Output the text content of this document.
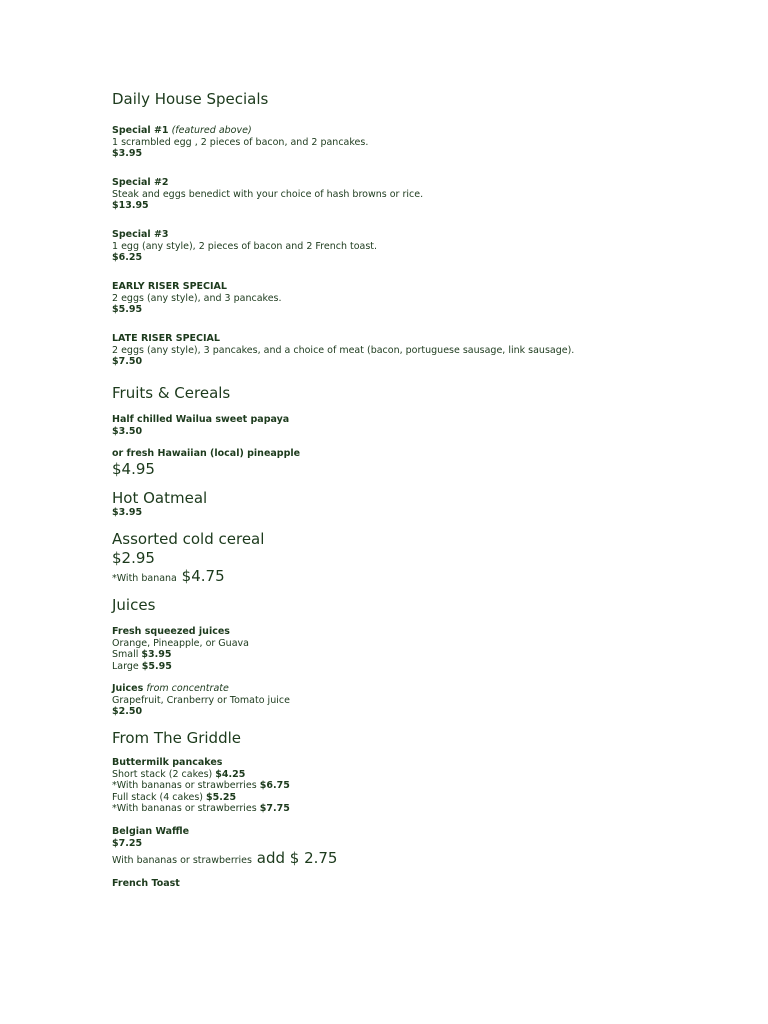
Daily House Specials
Special #1 (featured above)
1 scrambled egg , 2 pieces of bacon, and 2 pancakes.
$3.95
Special #2
Steak and eggs benedict with your choice of hash browns or rice.
$13.95
Special #3
1 egg (any style), 2 pieces of bacon and 2 French toast.
$6.25
EARLY RISER SPECIAL
2 eggs (any style), and 3 pancakes.
$5.95
LATE RISER SPECIAL
2 eggs (any style), 3 pancakes, and a choice of meat (bacon, portuguese sausage, link sausage).
$7.50
Fruits & Cereals
Half chilled Wailua sweet papaya
$3.50
or fresh Hawaiian (local) pineapple
$4.95
Hot Oatmeal
$3.95
Assorted cold cereal
$2.95
*With banana $4.75
Juices
Fresh squeezed juices
Orange, Pineapple, or Guava
Small $3.95
Large $5.95
Juices from concentrate
Grapefruit, Cranberry or Tomato juice
$2.50
From The Griddle
Buttermilk pancakes
Short stack (2 cakes) $4.25
*With bananas or strawberries $6.75
Full stack (4 cakes) $5.25
*With bananas or strawberries $7.75
Belgian Waffle
$7.25
With bananas or strawberries add $ 2.75
French Toast
